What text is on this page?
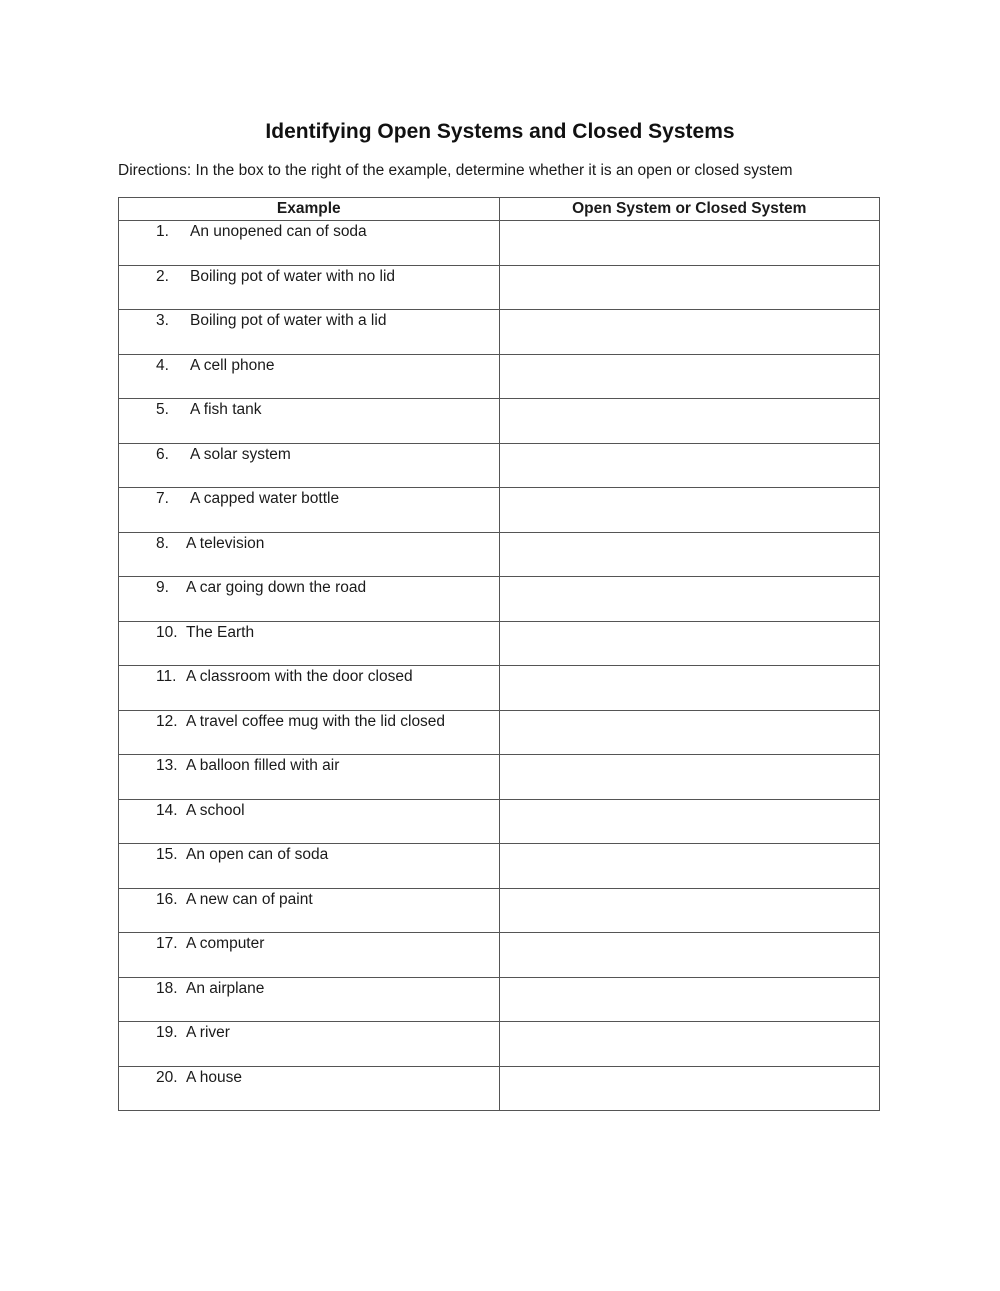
Identifying Open Systems and Closed Systems
Directions: In the box to the right of the example, determine whether it is an open or closed system
Example	Open System or Closed System

1. An unopened can of soda	

2. Boiling pot of water with no lid	

3. Boiling pot of water with a lid	

4. A cell phone	

5. A fish tank	

6. A solar system	

7. A capped water bottle	

8. A television	

9. A car going down the road	

10. The Earth	

11. A classroom with the door closed	

12. A travel coffee mug with the lid closed	

13. A balloon filled with air	

14. A school	

15. An open can of soda	

16. A new can of paint	

17. A computer	

18. An airplane	

19. A river	

20. A house	
